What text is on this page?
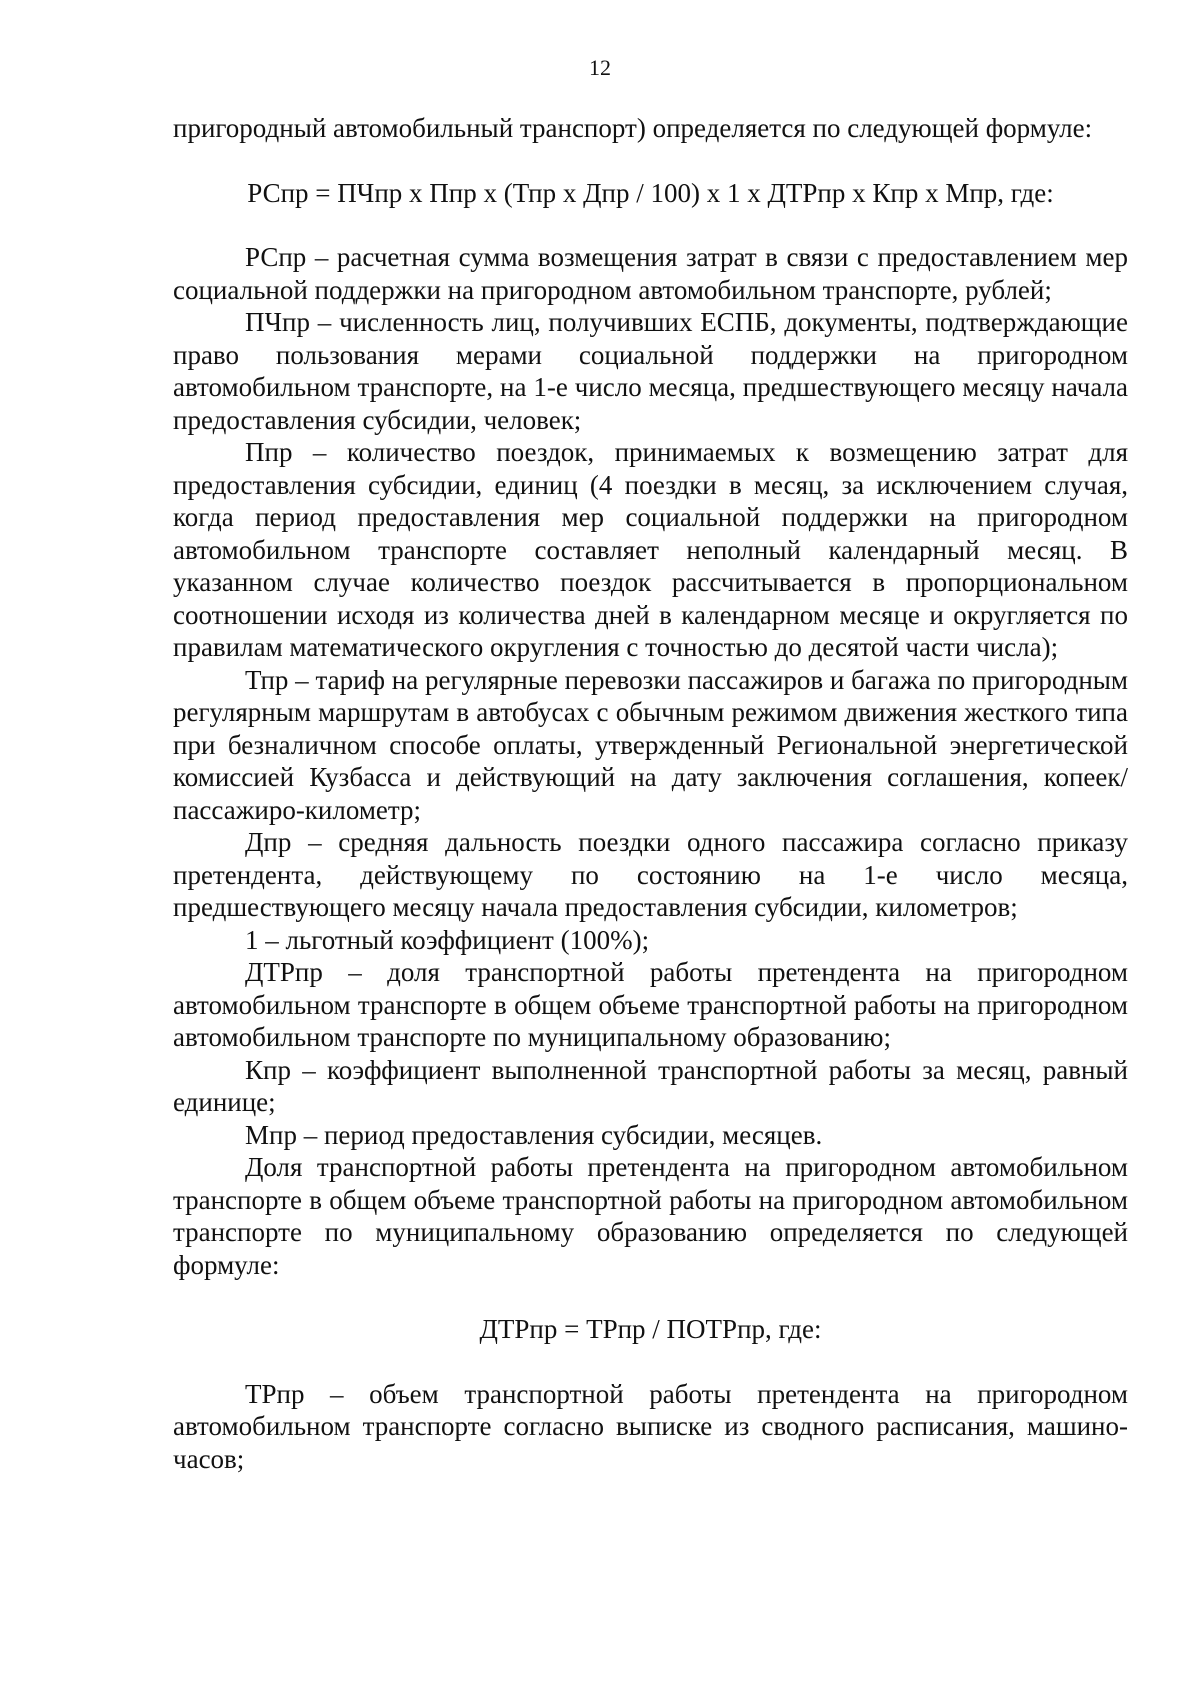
12

пригородный автомобильный транспорт) определяется по следующей формуле:

РСпр = ПЧпр х Ппр х (Тпр х Дпр / 100) х 1 х ДТРпр х Кпр х Мпр, где:

РСпр – расчетная сумма возмещения затрат в связи с предоставлением мер социальной поддержки на пригородном автомобильном транспорте, рублей;

ПЧпр – численность лиц, получивших ЕСПБ, документы, подтверждающие право пользования мерами социальной поддержки на пригородном автомобильном транспорте, на 1-е число месяца, предшествующего месяцу начала предоставления субсидии, человек;

Ппр – количество поездок, принимаемых к возмещению затрат для предоставления субсидии, единиц (4 поездки в месяц, за исключением случая, когда период предоставления мер социальной поддержки на пригородном автомобильном транспорте составляет неполный календарный месяц. В указанном случае количество поездок рассчитывается в пропорциональном соотношении исходя из количества дней в календарном месяце и округляется по правилам математического округления с точностью до десятой части числа);

Тпр – тариф на регулярные перевозки пассажиров и багажа по пригородным регулярным маршрутам в автобусах с обычным режимом движения жесткого типа при безналичном способе оплаты, утвержденный Региональной энергетической комиссией Кузбасса и действующий на дату заключения соглашения, копеек/пассажиро-километр;

Дпр – средняя дальность поездки одного пассажира согласно приказу претендента, действующему по состоянию на 1-е число месяца, предшествующего месяцу начала предоставления субсидии, километров;

1 – льготный коэффициент (100%);

ДТРпр – доля транспортной работы претендента на пригородном автомобильном транспорте в общем объеме транспортной работы на пригородном автомобильном транспорте по муниципальному образованию;

Кпр – коэффициент выполненной транспортной работы за месяц, равный единице;

Мпр – период предоставления субсидии, месяцев.

Доля транспортной работы претендента на пригородном автомобильном транспорте в общем объеме транспортной работы на пригородном автомобильном транспорте по муниципальному образованию определяется по следующей формуле:

ДТРпр = ТРпр / ПОТРпр, где:

ТРпр – объем транспортной работы претендента на пригородном автомобильном транспорте согласно выписке из сводного расписания, машино-часов;
